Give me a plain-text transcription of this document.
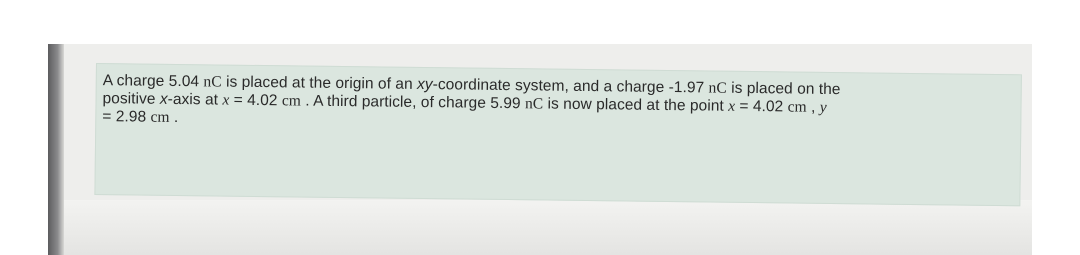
A charge 5.04 nC is placed at the origin of an xy-coordinate system, and a charge -1.97 nC is placed on the
positive x-axis at x = 4.02 cm . A third particle, of charge 5.99 nC is now placed at the point x = 4.02 cm , y
= 2.98 cm .
